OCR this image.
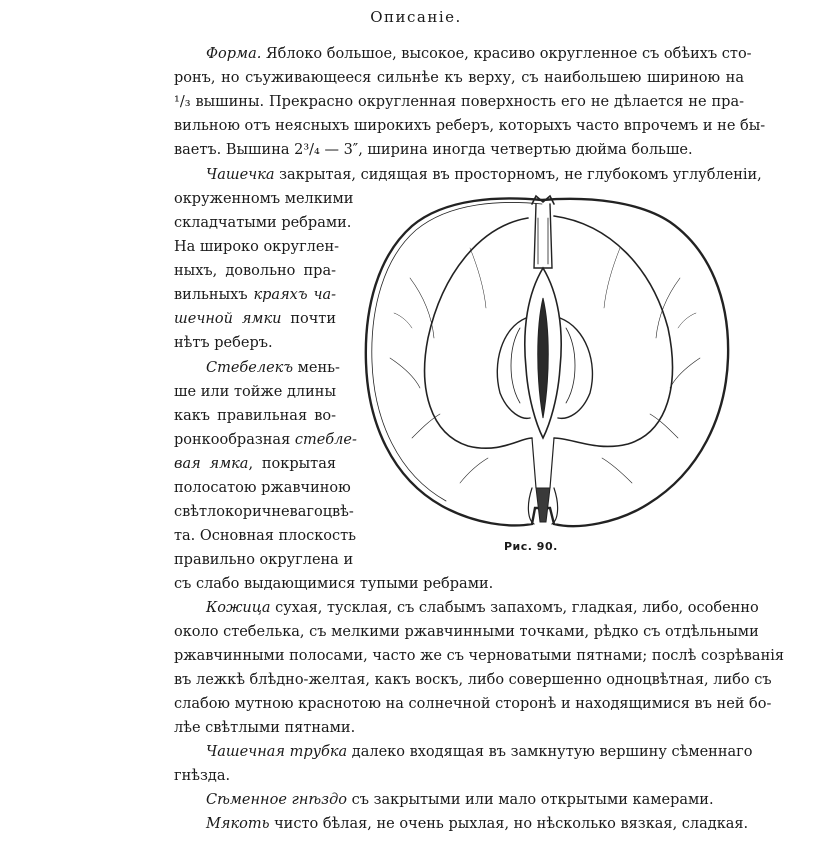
Описаніе.
Форма. Яблоко большое, высокое, красиво округленное съ обѣихъ сто-
ронъ, но съуживающееся сильнѣе къ верху, съ наибольшею шириною на
¹/₃ вышины. Прекрасно округленная поверхность его не дѣлается не пра-
вильною отъ неясныхъ широкихъ реберъ, которыхъ часто впрочемъ и не бы-
ваетъ. Вышина 2³/₄ — 3″, ширина иногда четвертью дюйма больше.
Чашечка закрытая, сидящая въ просторномъ, не глубокомъ углубленіи,
окруженномъ мелкими
складчатыми ребрами.
На широко округлен-
ныхъ, довольно пра-
вильныхъ краяхъ ча-
шечной ямки почти
нѣтъ реберъ.
Стебелекъ мень-
ше или тойже длины
какъ правильная во-
ронкообразная стебле-
вая ямка, покрытая
полосатою ржавчиною
свѣтлокоричневагоцвѣ-
та. Основная плоскость
правильно округлена и
съ слабо выдающимися тупыми ребрами.
Рис. 90.
Кожица сухая, тусклая, съ слабымъ запахомъ, гладкая, либо, особенно
около стебелька, съ мелкими ржавчинными точками, рѣдко съ отдѣльными
ржавчинными полосами, часто же съ черноватыми пятнами; послѣ созрѣванія
въ лежкѣ блѣдно-желтая, какъ воскъ, либо совершенно одноцвѣтная, либо съ
слабою мутною краснотою на солнечной сторонѣ и находящимися въ ней бо-
лѣе свѣтлыми пятнами.
Чашечная трубка далеко входящая въ замкнутую вершину сѣменнаго
гнѣзда.
Сѣменное гнѣздо съ закрытыми или мало открытыми камерами.
Мякоть чисто бѣлая, не очень рыхлая, но нѣсколько вязкая, сладкая.
